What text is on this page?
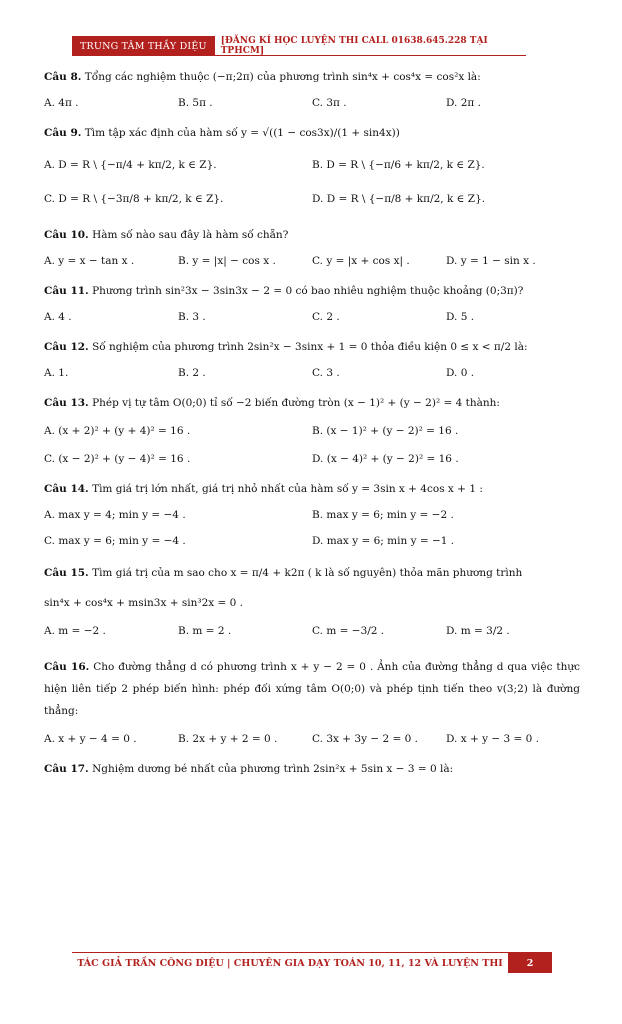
TRUNG TÂM THẦY DIỆU	[ĐĂNG KÍ HỌC LUYỆN THI CALL 01638.645.228 TẠI TPHCM]
Câu 8. Tổng các nghiệm thuộc (−π;2π) của phương trình sin⁴x + cos⁴x = cos²x là:
A. 4π .	B. 5π .	C. 3π .	D. 2π .
Câu 9. Tìm tập xác định của hàm số y = √((1 − cos3x)/(1 + sin4x))
A. D = R \ {−π/4 + kπ/2, k ∈ Z}.	B. D = R \ {−π/6 + kπ/2, k ∈ Z}.
C. D = R \ {−3π/8 + kπ/2, k ∈ Z}.	D. D = R \ {−π/8 + kπ/2, k ∈ Z}.
Câu 10. Hàm số nào sau đây là hàm số chẵn?
A. y = x − tan x .	B. y = |x| − cos x .	C. y = |x + cos x| .	D. y = 1 − sin x .
Câu 11. Phương trình sin²3x − 3sin3x − 2 = 0 có bao nhiêu nghiệm thuộc khoảng (0;3π)?
A. 4 .	B. 3 .	C. 2 .	D. 5 .
Câu 12. Số nghiệm của phương trình 2sin²x − 3sinx + 1 = 0 thỏa điều kiện 0 ≤ x < π/2 là:
A. 1.	B. 2 .	C. 3 .	D. 0 .
Câu 13. Phép vị tự tâm O(0;0) tỉ số −2 biến đường tròn (x − 1)² + (y − 2)² = 4 thành:
A. (x + 2)² + (y + 4)² = 16 .	B. (x − 1)² + (y − 2)² = 16 .
C. (x − 2)² + (y − 4)² = 16 .	D. (x − 4)² + (y − 2)² = 16 .
Câu 14. Tìm giá trị lớn nhất, giá trị nhỏ nhất của hàm số y = 3sin x + 4cos x + 1 :
A. max y = 4; min y = −4 .	B. max y = 6; min y = −2 .
C. max y = 6; min y = −4 .	D. max y = 6; min y = −1 .
Câu 15. Tìm giá trị của m sao cho x = π/4 + k2π ( k là số nguyên) thỏa mãn phương trình
sin⁴x + cos⁴x + msin3x + sin³2x = 0 .
A. m = −2 .	B. m = 2 .	C. m = −3/2 .	D. m = 3/2 .
Câu 16. Cho đường thẳng d có phương trình x + y − 2 = 0 . Ảnh của đường thẳng d qua việc thực hiện liên tiếp 2 phép biến hình: phép đối xứng tâm O(0;0) và phép tịnh tiến theo v(3;2) là đường thẳng:
A. x + y − 4 = 0 .	B. 2x + y + 2 = 0 .	C. 3x + 3y − 2 = 0 .	D. x + y − 3 = 0 .
Câu 17. Nghiệm dương bé nhất của phương trình 2sin²x + 5sin x − 3 = 0 là:
TÁC GIẢ TRẦN CÔNG DIỆU | CHUYÊN GIA DẠY TOÁN 10, 11, 12 VÀ LUYỆN THI	2
